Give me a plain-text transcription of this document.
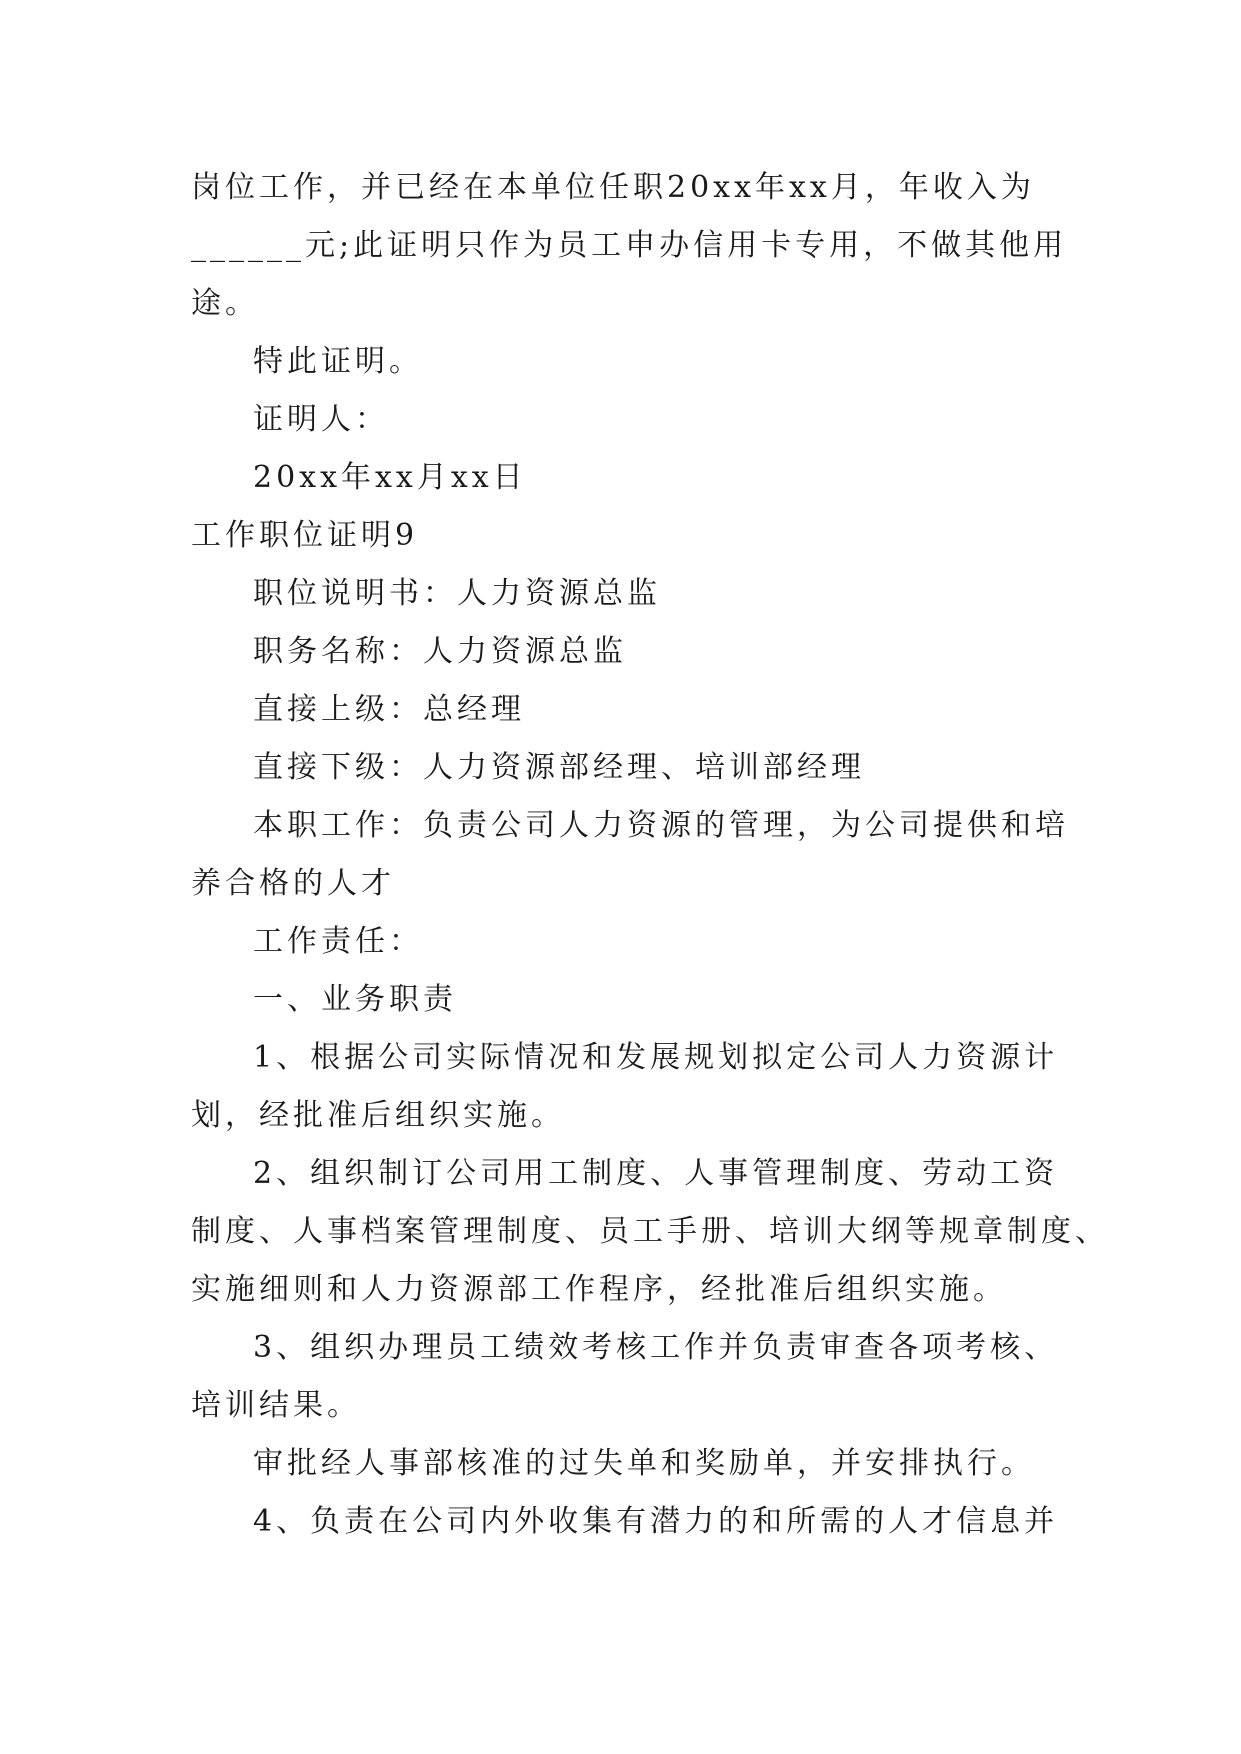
岗位工作，并已经在本单位任职20xx年xx月，年收入为
______元;此证明只作为员工申办信用卡专用，不做其他用
途。
特此证明。
证明人：
20xx年xx月xx日
工作职位证明9
职位说明书：人力资源总监
职务名称：人力资源总监
直接上级：总经理
直接下级：人力资源部经理、培训部经理
本职工作：负责公司人力资源的管理，为公司提供和培
养合格的人才
工作责任：
一、业务职责
1、根据公司实际情况和发展规划拟定公司人力资源计
划，经批准后组织实施。
2、组织制订公司用工制度、人事管理制度、劳动工资
制度、人事档案管理制度、员工手册、培训大纲等规章制度、
实施细则和人力资源部工作程序，经批准后组织实施。
3、组织办理员工绩效考核工作并负责审查各项考核、
培训结果。
审批经人事部核准的过失单和奖励单，并安排执行。
4、负责在公司内外收集有潜力的和所需的人才信息并
